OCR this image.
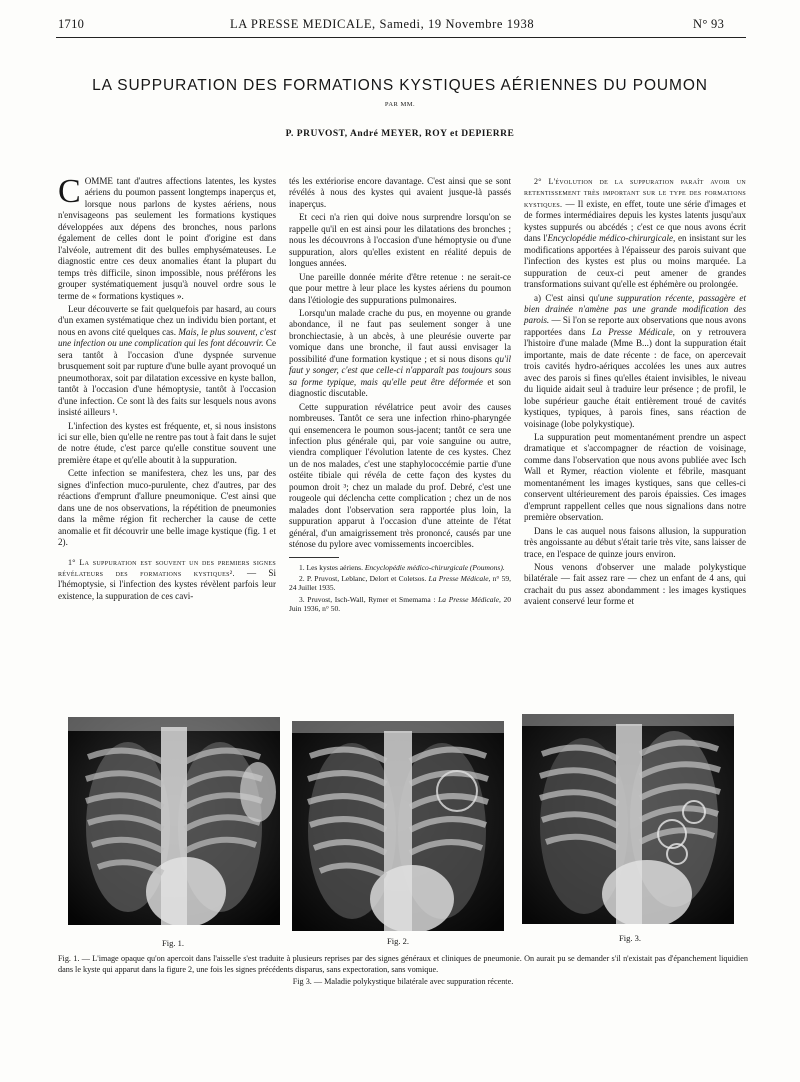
1710	LA PRESSE MEDICALE, Samedi, 19 Novembre 1938	N° 93
LA SUPPURATION DES FORMATIONS KYSTIQUES AÉRIENNES DU POUMON
PAR MM.
P. PRUVOST, André MEYER, ROY et DEPIERRE

COMME tant d'autres affections latentes, les kystes aériens du poumon passent longtemps inaperçus et, lorsque nous parlons de kystes aériens, nous n'envisageons pas seulement les formations kystiques développées aux dépens des bronches, nous parlons également de celles dont le point d'origine est dans l'alvéole, autrement dit des bulles emphysémateuses. Le diagnostic entre ces deux anomalies étant la plupart du temps très difficile, sinon impossible, nous préférons les grouper systématiquement jusqu'à nouvel ordre sous le terme de « formations kystiques ».

Leur découverte se fait quelquefois par hasard, au cours d'un examen systématique chez un individu bien portant, et nous en avons cité quelques cas. Mais, le plus souvent, c'est une infection ou une complication qui les font découvrir. Ce sera tantôt à l'occasion d'une dyspnée survenue brusquement soit par rupture d'une bulle ayant provoqué un pneumothorax, soit par dilatation excessive en kyste ballon, tantôt à l'occasion d'une hémoptysie, tantôt à l'occasion d'une infection. Ce sont là des faits sur lesquels nous avons insisté ailleurs ¹.

L'infection des kystes est fréquente, et, si nous insistons ici sur elle, bien qu'elle ne rentre pas tout à fait dans le sujet de notre étude, c'est parce qu'elle constitue souvent une première étape et qu'elle aboutit à la suppuration.

Cette infection se manifestera, chez les uns, par des signes d'infection muco-purulente, chez d'autres, par des réactions d'emprunt d'allure pneumonique. C'est ainsi que dans une de nos observations, la répétition de pneumonies dans la même région fit rechercher la cause de cette anomalie et fit découvrir une belle image kystique (fig. 1 et 2).

1° La suppuration est souvent un des premiers signes révélateurs des formations kystiques². — Si l'hémoptysie, si l'infection des kystes révèlent parfois leur existence, la suppuration de ces cavi-

tés les extériorise encore davantage. C'est ainsi que se sont révélés à nous des kystes qui avaient jusque-là passés inaperçus.

Et ceci n'a rien qui doive nous surprendre lorsqu'on se rappelle qu'il en est ainsi pour les dilatations des bronches ; nous les découvrons à l'occasion d'une hémoptysie ou d'une suppuration, alors qu'elles existent en réalité depuis de longues années.

Une pareille donnée mérite d'être retenue : ne serait-ce que pour mettre à leur place les kystes aériens du poumon dans l'étiologie des suppurations pulmonaires.

Lorsqu'un malade crache du pus, en moyenne ou grande abondance, il ne faut pas seulement songer à une bronchiectasie, à un abcès, à une pleurésie ouverte par vomique dans une bronche, il faut aussi envisager la possibilité d'une formation kystique ; et si nous disons qu'il faut y songer, c'est que celle-ci n'apparaît pas toujours sous sa forme typique, mais qu'elle peut être déformée et son diagnostic discutable.

Cette suppuration révélatrice peut avoir des causes nombreuses. Tantôt ce sera une infection rhino-pharyngée qui ensemencera le poumon sous-jacent; tantôt ce sera une infection plus générale qui, par voie sanguine ou autre, viendra compliquer l'évolution latente de ces kystes. Chez un de nos malades, c'est une staphylococcémie partie d'une ostéite tibiale qui révéla de cette façon des kystes du poumon droit ³; chez un malade du prof. Debré, c'est une rougeole qui déclencha cette complication ; chez un de nos malades dont l'observation sera rapportée plus loin, la suppuration apparut à l'occasion d'une atteinte de l'état général, d'un amaigrissement très prononcé, causés par une sténose du pylore avec vomissements incoercibles.

1. Les kystes aériens. Encyclopédie médico-chirurgicale (Poumons).

2. P. Pruvost, Leblanc, Delort et Coletsos. La Presse Médicale, n° 59, 24 Juillet 1935.

3. Pruvost, Isch-Wall, Rymer et Smemama : La Presse Médicale, 20 Juin 1936, n° 50.

2° L'évolution de la suppuration paraît avoir un retentissement très important sur le type des formations kystiques. — Il existe, en effet, toute une série d'images et de formes intermédiaires depuis les kystes latents jusqu'aux kystes suppurés ou abcédés ; c'est ce que nous avons écrit dans l'Encyclopédie médico-chirurgicale, en insistant sur les modifications apportées à l'épaisseur des parois suivant que l'infection des kystes est plus ou moins marquée. La suppuration de ceux-ci peut amener de grandes transformations suivant qu'elle est éphémère ou prolongée.

a) C'est ainsi qu'une suppuration récente, passagère et bien drainée n'amène pas une grande modification des parois. — Si l'on se reporte aux observations que nous avons rapportées dans La Presse Médicale, on y retrouvera l'histoire d'une malade (Mme B...) dont la suppuration était importante, mais de date récente : de face, on apercevait trois cavités hydro-aériques accolées les unes aux autres avec des parois si fines qu'elles étaient invisibles, le niveau du liquide aidait seul à traduire leur présence ; de profil, le lobe supérieur gauche était entièrement troué de cavités kystiques, typiques, à parois fines, sans réaction de voisinage (lobe polykystique).

La suppuration peut momentanément prendre un aspect dramatique et s'accompagner de réaction de voisinage, comme dans l'observation que nous avons publiée avec Isch Wall et Rymer, réaction violente et fébrile, masquant momentanément les images kystiques, sans que celles-ci conservent ultérieurement des parois épaissies. Ces images d'emprunt rappellent celles que nous signalions dans notre première observation.

Dans le cas auquel nous faisons allusion, la suppuration très angoissante au début s'était tarie très vite, sans laisser de trace, en l'espace de quinze jours environ.

Nous venons d'observer une malade polykystique bilatérale — fait assez rare — chez un enfant de 4 ans, qui crachait du pus assez abondamment : les images kystiques avaient conservé leur forme et

Fig. 1.	Fig. 2.	Fig. 3.
Fig. 1. — L'image opaque qu'on apercoit dans l'aisselle s'est traduite à plusieurs reprises par des signes généraux et cliniques de pneumonie. On aurait pu se demander s'il n'existait pas d'épanchement liquidien dans le kyste qui apparut dans la figure 2, une fois les signes précédents disparus, sans expectoration, sans vomique.
Fig 3. — Maladie polykystique bilatérale avec suppuration récente.
